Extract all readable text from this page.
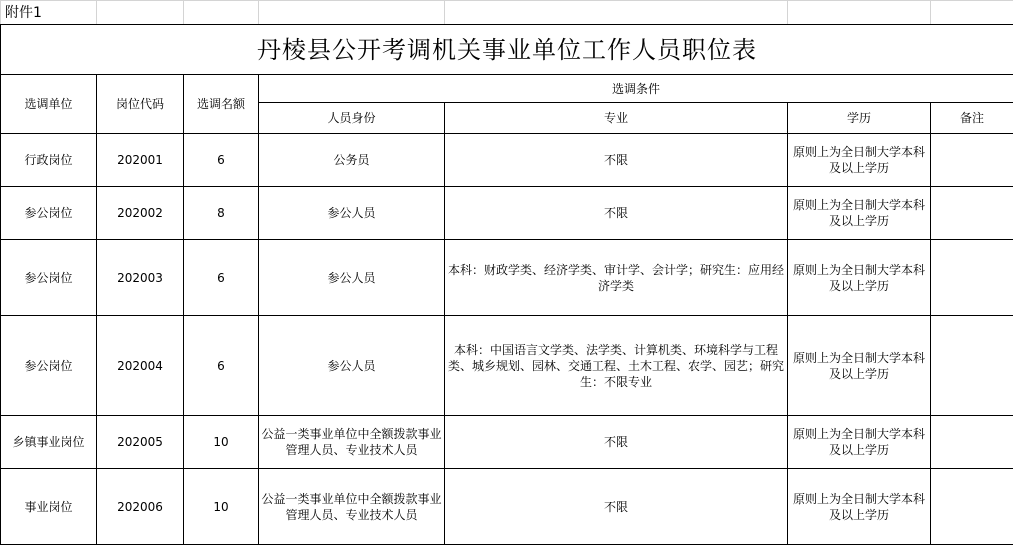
附件1						
丹棱县公开考调机关事业单位工作人员职位表						
选调单位	岗位代码	选调名额	选调条件			
			人员身份	专业	学历	备注
行政岗位	202001	6	公务员	不限	原则上为全日制大学本科及以上学历	
参公岗位	202002	8	参公人员	不限	原则上为全日制大学本科及以上学历	
参公岗位	202003	6	参公人员	本科：财政学类、经济学类、审计学、会计学；研究生：应用经济学类	原则上为全日制大学本科及以上学历	
参公岗位	202004	6	参公人员	本科：中国语言文学类、法学类、计算机类、环境科学与工程类、城乡规划、园林、交通工程、土木工程、农学、园艺；研究生：不限专业	原则上为全日制大学本科及以上学历	
乡镇事业岗位	202005	10	公益一类事业单位中全额拨款事业管理人员、专业技术人员	不限	原则上为全日制大学本科及以上学历	
事业岗位	202006	10	公益一类事业单位中全额拨款事业管理人员、专业技术人员	不限	原则上为全日制大学本科及以上学历	
